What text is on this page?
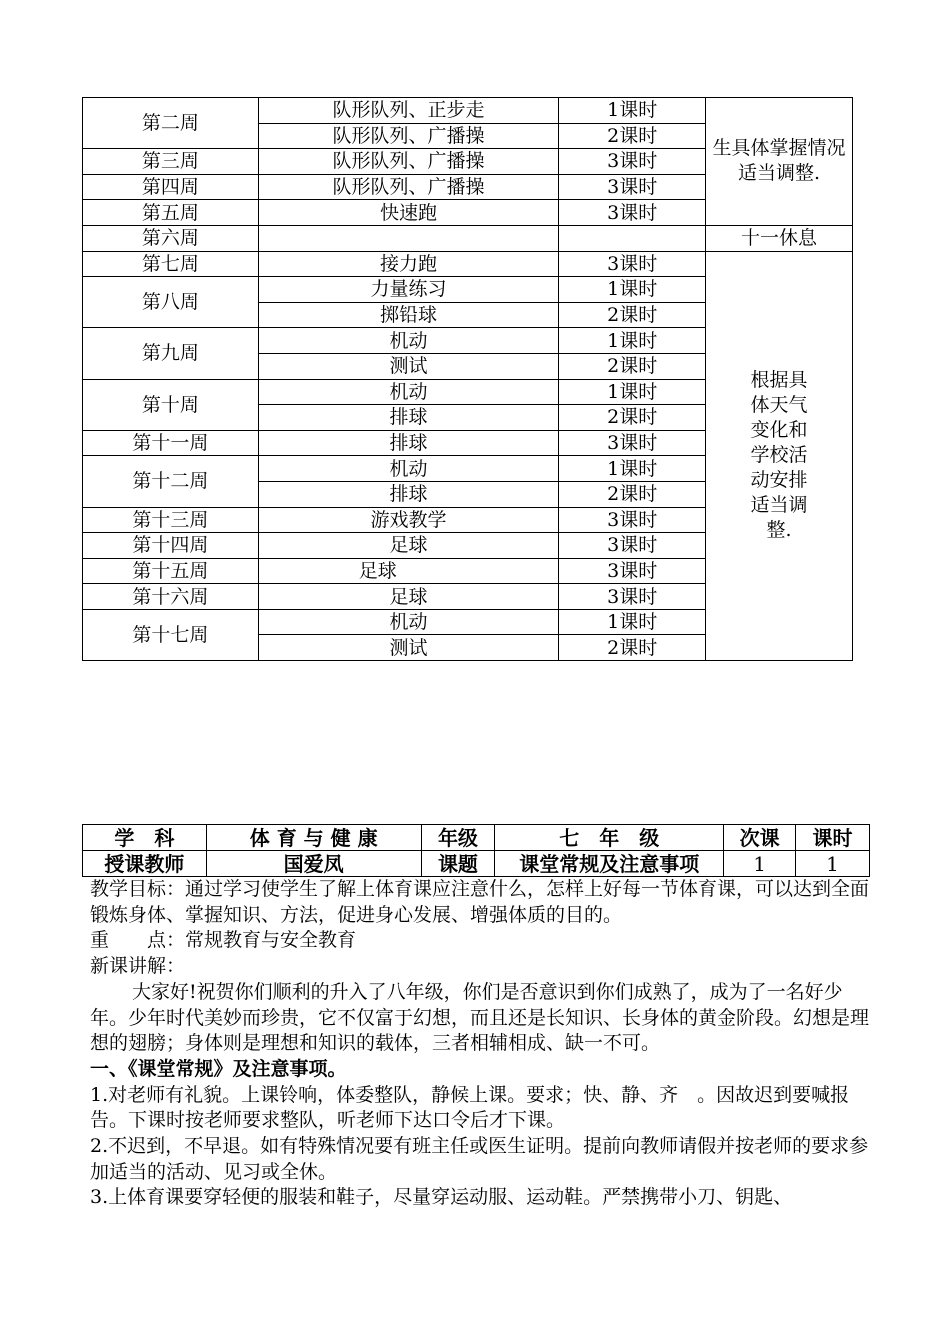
第二周	队形队列、正步走	1课时	生具体掌握情况适当调整.
	队形队列、广播操	2课时	
第三周	队形队列、广播操	3课时	
第四周	队形队列、广播操	3课时	
第五周	快速跑	3课时	
第六周			十一休息
第七周	接力跑	3课时	根据具体天气变化和学校活动安排适当调整.
第八周	力量练习	1课时	
	掷铅球	2课时	
第九周	机动	1课时	
	测试	2课时	
第十周	机动	1课时	
	排球	2课时	
第十一周	排球	3课时	
第十二周	机动	1课时	
	排球	2课时	
第十三周	游戏教学	3课时	
第十四周	足球	3课时	
第十五周	足球	3课时	
第十六周	足球	3课时	
第十七周	机动	1课时	
	测试	2课时	
学　科	体 育 与 健 康	年级	七　年　级	次课	课时
授课教师	国爱凤	课题	课堂常规及注意事项	1	1

教学目标：通过学习使学生了解上体育课应注意什么，怎样上好每一节体育课，可以达到全面锻炼身体、掌握知识、方法，促进身心发展、增强体质的目的。

重　　点：常规教育与安全教育

新课讲解：

大家好!祝贺你们顺利的升入了八年级，你们是否意识到你们成熟了，成为了一名好少年。少年时代美妙而珍贵，它不仅富于幻想，而且还是长知识、长身体的黄金阶段。幻想是理想的翅膀；身体则是理想和知识的载体，三者相辅相成、缺一不可。

一、《课堂常规》及注意事项。

1.对老师有礼貌。上课铃响，体委整队，静候上课。要求；快、静、齐　。因故迟到要喊报告。下课时按老师要求整队，听老师下达口令后才下课。

2.不迟到，不早退。如有特殊情况要有班主任或医生证明。提前向教师请假并按老师的要求参加适当的活动、见习或全休。

3.上体育课要穿轻便的服装和鞋子，尽量穿运动服、运动鞋。严禁携带小刀、钥匙、
